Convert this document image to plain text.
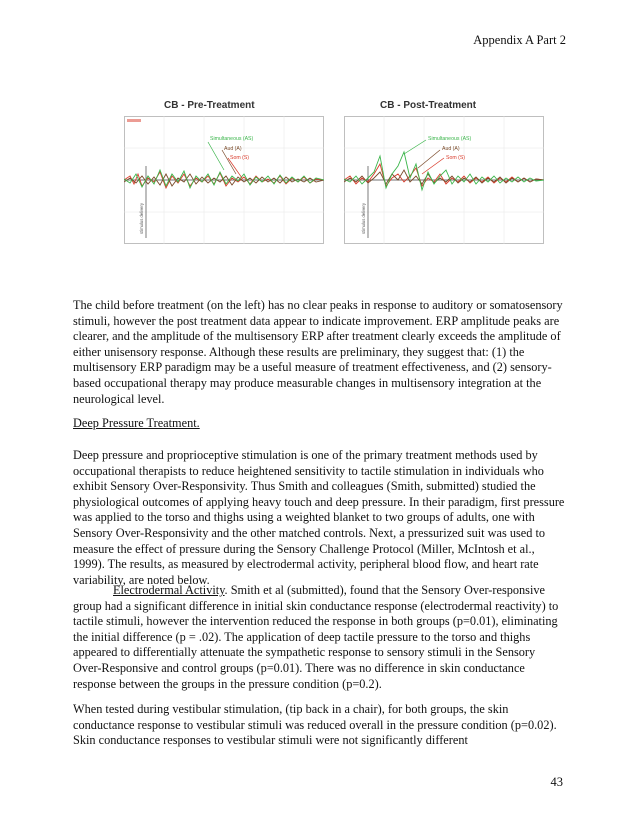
Appendix A Part 2
CB - Pre-Treatment
stimulus delivery
Simultaneous (AS)
Aud (A)
Som (S)
CB - Post-Treatment
stimulus delivery
Simultaneous (AS)
Aud (A)
Som (S)

The child before treatment (on the left) has no clear peaks in response to auditory or somatosensory stimuli, however the post treatment data appear to indicate improvement. ERP amplitude peaks are clearer, and the amplitude of the multisensory ERP after treatment clearly exceeds the amplitude of either unisensory response. Although these results are preliminary, they suggest that: (1) the multisensory ERP paradigm may be a useful measure of treatment effectiveness, and (2) sensory-based occupational therapy may produce measurable changes in multisensory integration at the neurological level.

Deep Pressure Treatment.

Deep pressure and proprioceptive stimulation is one of the primary treatment methods used by occupational therapists to reduce heightened sensitivity to tactile stimulation in individuals who exhibit Sensory Over-Responsivity. Thus Smith and colleagues (Smith, submitted) studied the physiological outcomes of applying heavy touch and deep pressure. In their paradigm, first pressure was applied to the torso and thighs using a weighted blanket to two groups of adults, one with Sensory Over-Responsivity and the other matched controls. Next, a pressurized suit was used to measure the effect of pressure during the Sensory Challenge Protocol (Miller, McIntosh et al., 1999). The results, as measured by electrodermal activity, peripheral blood flow, and heart rate variability, are noted below.

Electrodermal Activity. Smith et al (submitted), found that the Sensory Over-responsive group had a significant difference in initial skin conductance response (electrodermal reactivity) to tactile stimuli, however the intervention reduced the response in both groups (p=0.01), eliminating the initial difference (p = .02). The application of deep tactile pressure to the torso and thighs appeared to differentially attenuate the sympathetic response to sensory stimuli in the Sensory Over-Responsive and control groups (p=0.01). There was no difference in skin conductance response between the groups in the pressure condition (p=0.2).

When tested during vestibular stimulation, (tip back in a chair), for both groups, the skin conductance response to vestibular stimuli was reduced overall in the pressure condition (p=0.02). Skin conductance responses to vestibular stimuli were not significantly different

43
